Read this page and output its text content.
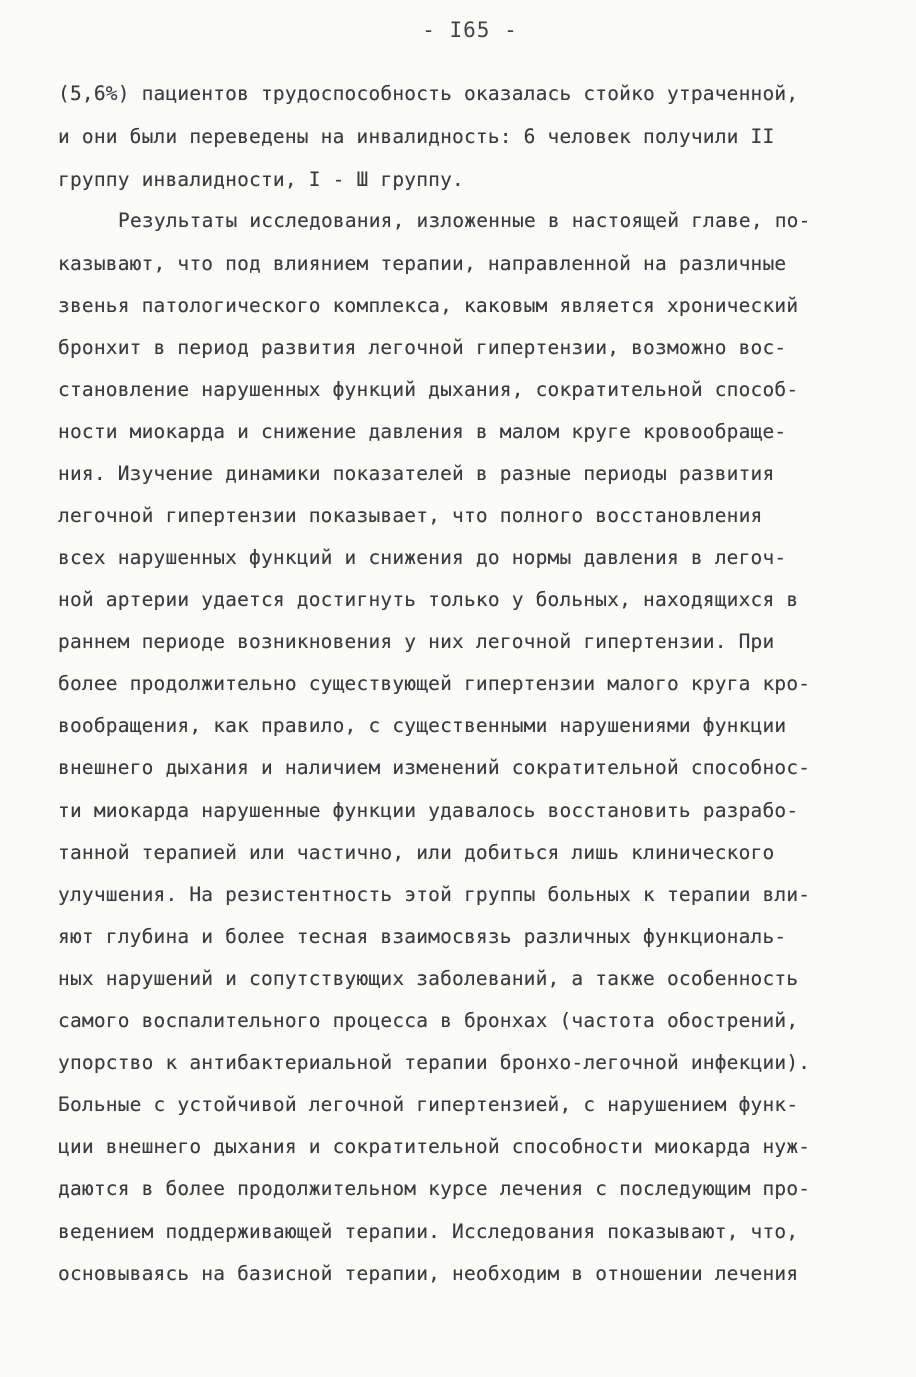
- I65 -
(5,6%) пациентов трудоспособность оказалась стойко утраченной,
и они были переведены на инвалидность: 6 человек получили II
группу инвалидности, I - Ш группу.
Результаты исследования, изложенные в настоящей главе, по-
казывают, что под влиянием терапии, направленной на различные
звенья патологического комплекса, каковым является хронический
бронхит в период развития легочной гипертензии, возможно вос-
становление нарушенных функций дыхания, сократительной способ-
ности миокарда и снижение давления в малом круге кровообраще-
ния. Изучение динамики показателей в разные периоды развития
легочной гипертензии показывает, что полного восстановления
всех нарушенных функций и снижения до нормы давления в легоч-
ной артерии удается достигнуть только у больных, находящихся в
раннем периоде возникновения у них легочной гипертензии. При
более продолжительно существующей гипертензии малого круга кро-
вообращения, как правило, с существенными нарушениями функции
внешнего дыхания и наличием изменений сократительной способнос-
ти миокарда нарушенные функции удавалось восстановить разрабо-
танной терапией или частично, или добиться лишь клинического
улучшения. На резистентность этой группы больных к терапии вли-
яют глубина и более тесная взаимосвязь различных функциональ-
ных нарушений и сопутствующих заболеваний, а также особенность
самого воспалительного процесса в бронхах (частота обострений,
упорство к антибактериальной терапии бронхо-легочной инфекции).
Больные с устойчивой легочной гипертензией, с нарушением функ-
ции внешнего дыхания и сократительной способности миокарда нуж-
даются в более продолжительном курсе лечения с последующим про-
ведением поддерживающей терапии. Исследования показывают, что,
основываясь на базисной терапии, необходим в отношении лечения
